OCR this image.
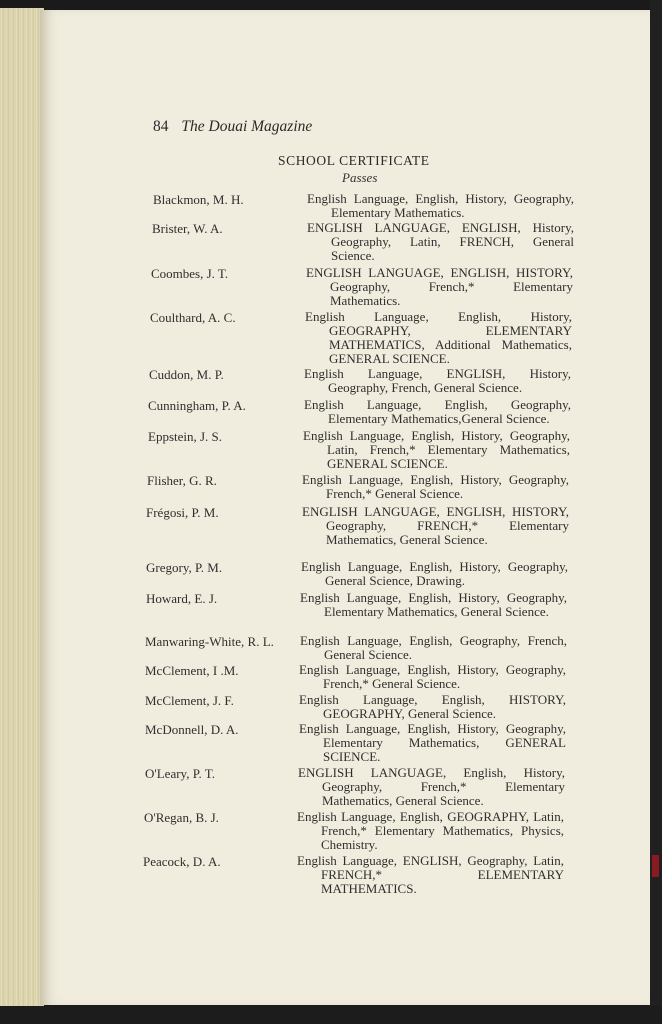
84 The Douai Magazine
SCHOOL CERTIFICATE
Passes
Blackmon, M. H.	English Language, English, History, Geography, Elementary Mathematics.
Brister, W. A.	ENGLISH LANGUAGE, ENGLISH, History, Geography, Latin, FRENCH, General Science.
Coombes, J. T.	ENGLISH LANGUAGE, ENGLISH, HISTORY, Geography, French,* Elementary Mathematics.
Coulthard, A. C.	English Language, English, History, GEOGRAPHY, ELEMENTARY MATHEMATICS, Additional Mathematics, GENERAL SCIENCE.
Cuddon, M. P.	English Language, ENGLISH, History, Geography, French, General Science.
Cunningham, P. A.	English Language, English, Geography, Elementary Mathematics,General Science.
Eppstein, J. S.	English Language, English, History, Geography, Latin, French,* Elementary Mathematics, GENERAL SCIENCE.
Flisher, G. R.	English Language, English, History, Geography, French,* General Science.
Frégosi, P. M.	ENGLISH LANGUAGE, ENGLISH, HISTORY, Geography, FRENCH,* Elementary Mathematics, General Science.
Gregory, P. M.	English Language, English, History, Geography, General Science, Drawing.
Howard, E. J.	English Language, English, History, Geography, Elementary Mathematics, General Science.
Manwaring-White, R. L. English Language, English, Geography, French, General Science.
McClement, I .M.	English Language, English, History, Geography, French,* General Science.
McClement, J. F.	English Language, English, HISTORY, GEOGRAPHY, General Science.
McDonnell, D. A.	English Language, English, History, Geography, Elementary Mathematics, GENERAL SCIENCE.
O'Leary, P. T.	ENGLISH LANGUAGE, English, History, Geography, French,* Elementary Mathematics, General Science.
O'Regan, B. J.	English Language, English, GEOGRAPHY, Latin, French,* Elementary Mathematics, Physics, Chemistry.
Peacock, D. A.	English Language, ENGLISH, Geography, Latin, FRENCH,* ELEMENTARY MATHEMATICS.
